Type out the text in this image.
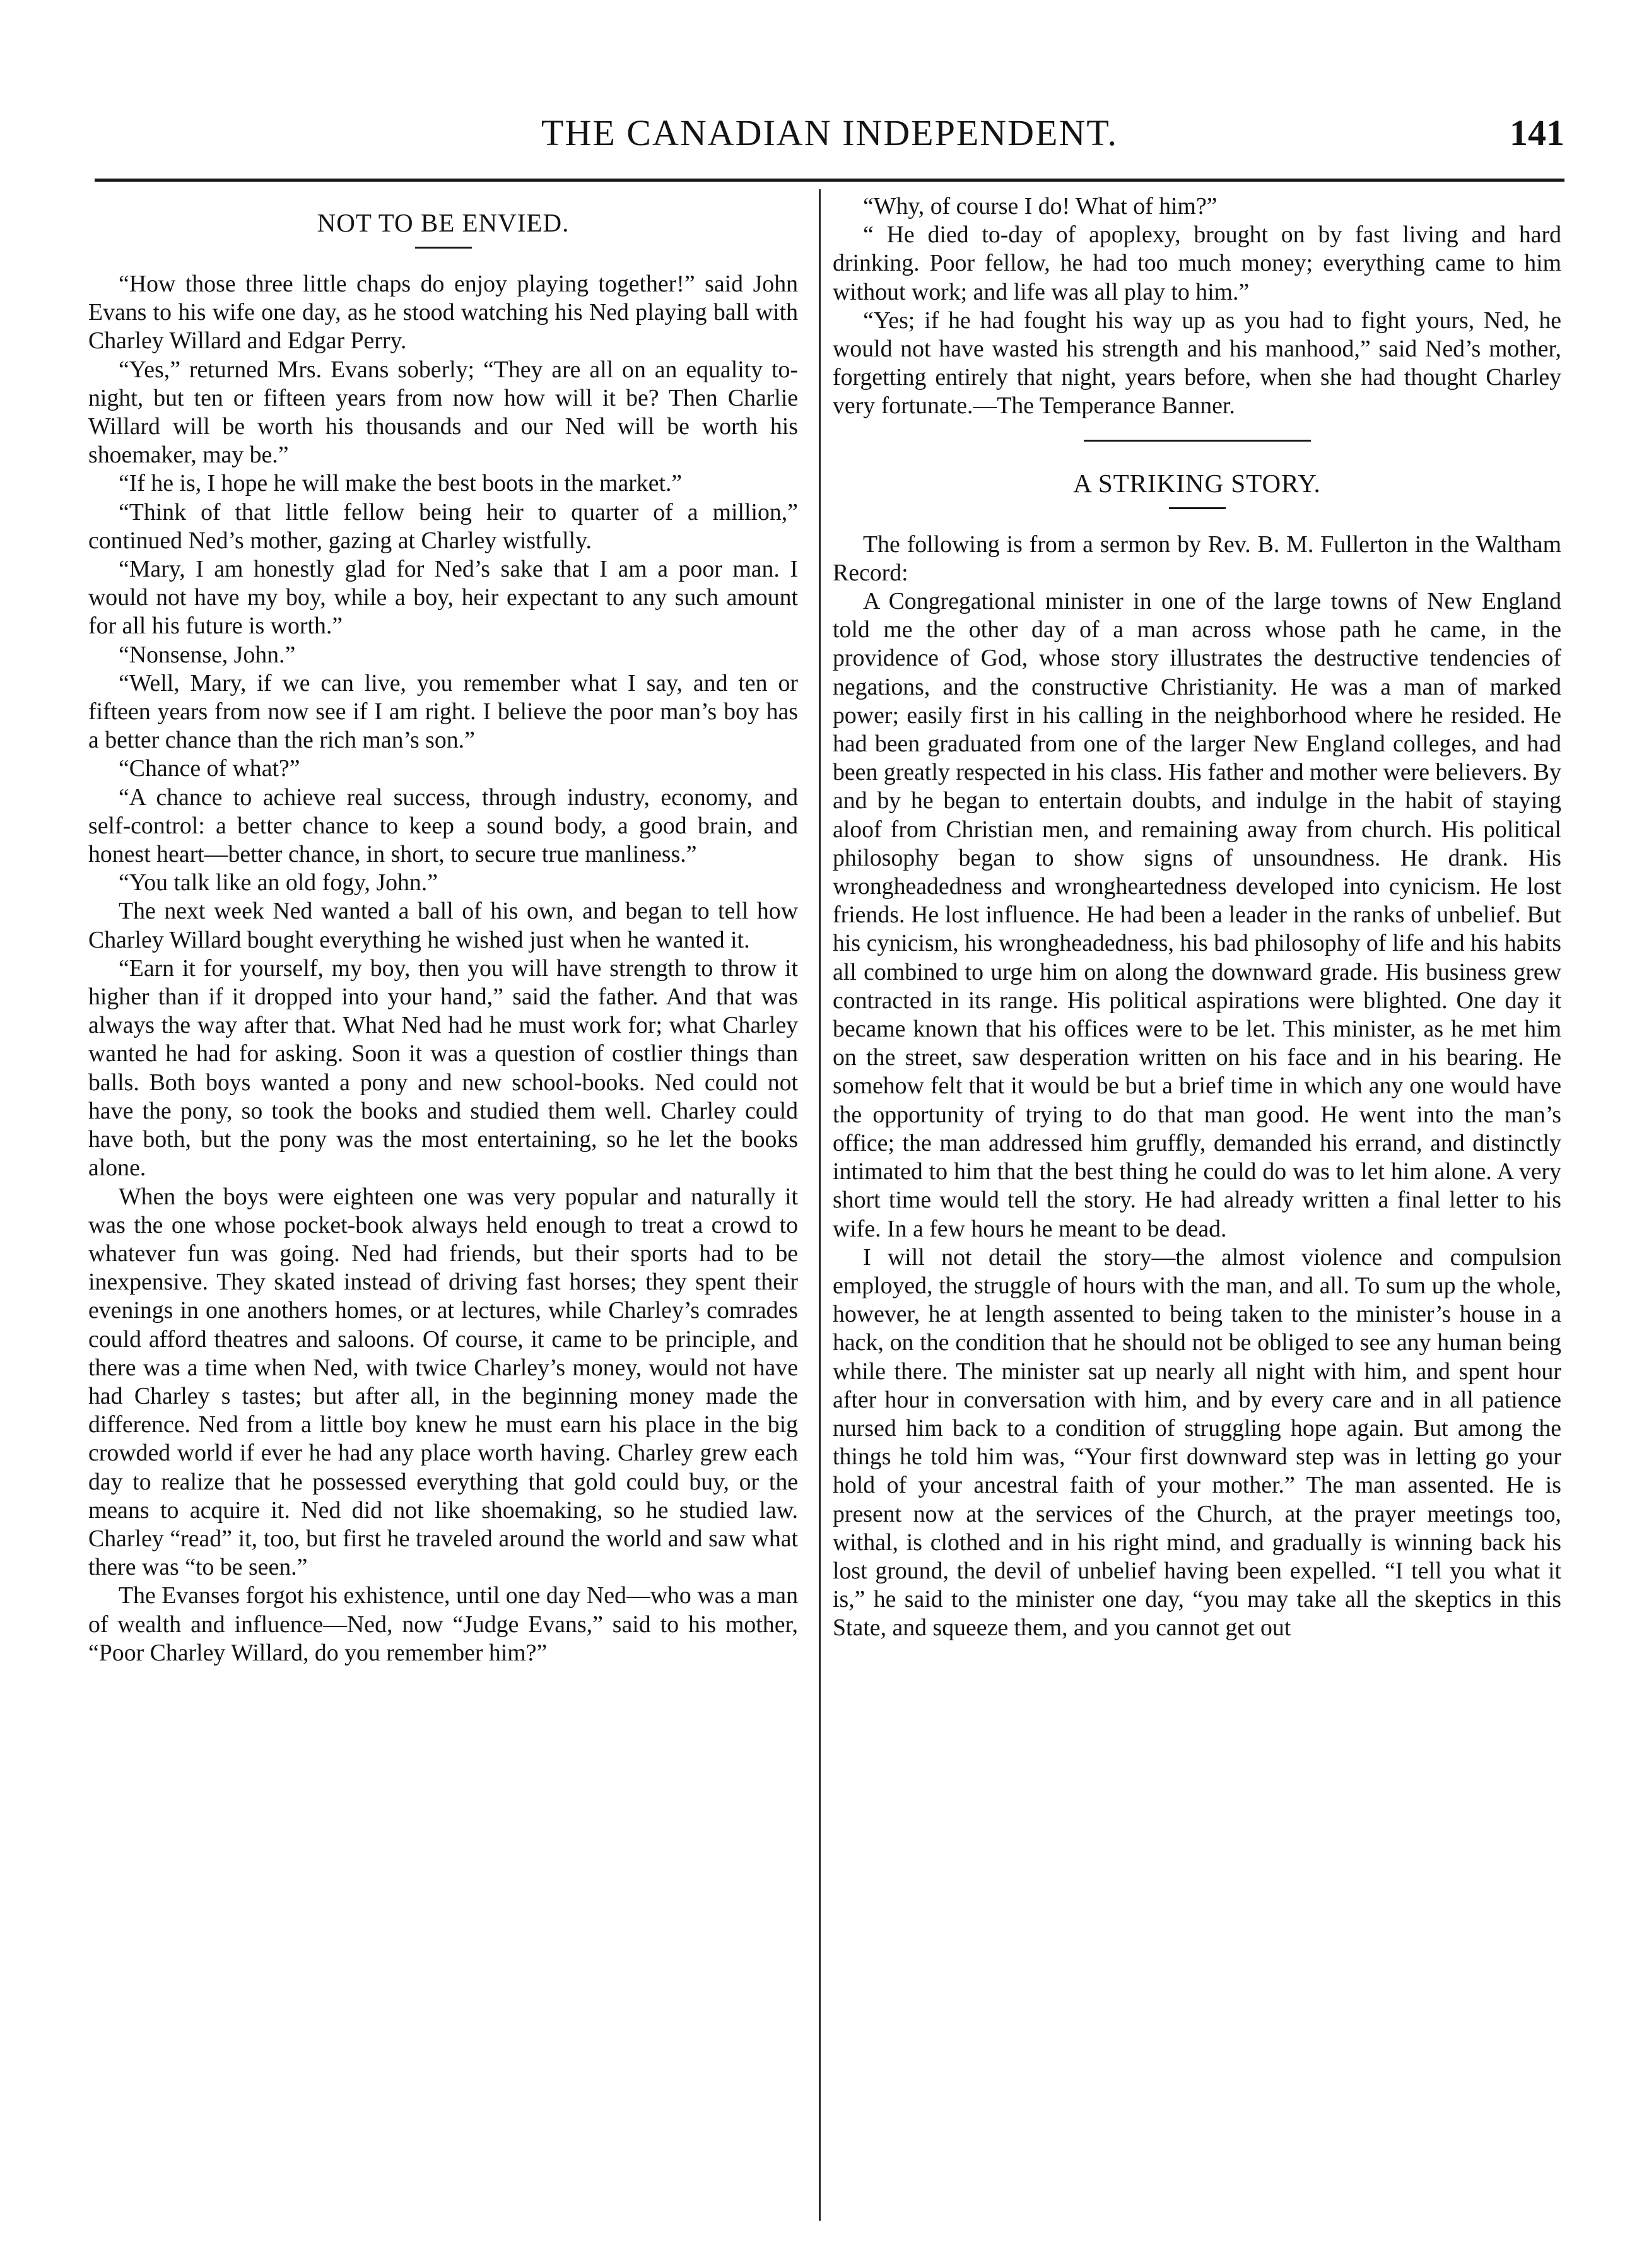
THE CANADIAN INDEPENDENT.	141
NOT TO BE ENVIED.

“How those three little chaps do enjoy playing together!” said John Evans to his wife one day, as he stood watching his Ned playing ball with Charley Willard and Edgar Perry.

“Yes,” returned Mrs. Evans soberly; “They are all on an equality to-night, but ten or fifteen years from now how will it be? Then Charlie Willard will be worth his thousands and our Ned will be worth his shoemaker, may be.”

“If he is, I hope he will make the best boots in the market.”

“Think of that little fellow being heir to quarter of a million,” continued Ned’s mother, gazing at Charley wistfully.

“Mary, I am honestly glad for Ned’s sake that I am a poor man. I would not have my boy, while a boy, heir expectant to any such amount for all his future is worth.”

“Nonsense, John.”

“Well, Mary, if we can live, you remember what I say, and ten or fifteen years from now see if I am right. I believe the poor man’s boy has a better chance than the rich man’s son.”

“Chance of what?”

“A chance to achieve real success, through industry, economy, and self-control: a better chance to keep a sound body, a good brain, and honest heart—better chance, in short, to secure true manliness.”

“You talk like an old fogy, John.”

The next week Ned wanted a ball of his own, and began to tell how Charley Willard bought everything he wished just when he wanted it.

“Earn it for yourself, my boy, then you will have strength to throw it higher than if it dropped into your hand,” said the father. And that was always the way after that. What Ned had he must work for; what Charley wanted he had for asking. Soon it was a question of costlier things than balls. Both boys wanted a pony and new school-books. Ned could not have the pony, so took the books and studied them well. Charley could have both, but the pony was the most entertaining, so he let the books alone.

When the boys were eighteen one was very popular and naturally it was the one whose pocket-book always held enough to treat a crowd to whatever fun was going. Ned had friends, but their sports had to be inexpensive. They skated instead of driving fast horses; they spent their evenings in one anothers homes, or at lectures, while Charley’s comrades could afford theatres and saloons. Of course, it came to be principle, and there was a time when Ned, with twice Charley’s money, would not have had Charley s tastes; but after all, in the beginning money made the difference. Ned from a little boy knew he must earn his place in the big crowded world if ever he had any place worth having. Charley grew each day to realize that he possessed everything that gold could buy, or the means to acquire it. Ned did not like shoemaking, so he studied law. Charley “read” it, too, but first he traveled around the world and saw what there was “to be seen.”

The Evanses forgot his exhistence, until one day Ned—who was a man of wealth and influence—Ned, now “Judge Evans,” said to his mother, “Poor Charley Willard, do you remember him?”

“Why, of course I do! What of him?”

“ He died to-day of apoplexy, brought on by fast living and hard drinking. Poor fellow, he had too much money; everything came to him without work; and life was all play to him.”

“Yes; if he had fought his way up as you had to fight yours, Ned, he would not have wasted his strength and his manhood,” said Ned’s mother, forgetting entirely that night, years before, when she had thought Charley very fortunate.—The Temperance Banner.

A STRIKING STORY.

The following is from a sermon by Rev. B. M. Fullerton in the Waltham Record:

A Congregational minister in one of the large towns of New England told me the other day of a man across whose path he came, in the providence of God, whose story illustrates the destructive tendencies of negations, and the constructive Christianity. He was a man of marked power; easily first in his calling in the neighborhood where he resided. He had been graduated from one of the larger New England colleges, and had been greatly respected in his class. His father and mother were believers. By and by he began to entertain doubts, and indulge in the habit of staying aloof from Christian men, and remaining away from church. His political philosophy began to show signs of unsoundness. He drank. His wrongheadedness and wrongheartedness developed into cynicism. He lost friends. He lost influence. He had been a leader in the ranks of unbelief. But his cynicism, his wrongheadedness, his bad philosophy of life and his habits all combined to urge him on along the downward grade. His business grew contracted in its range. His political aspirations were blighted. One day it became known that his offices were to be let. This minister, as he met him on the street, saw desperation written on his face and in his bearing. He somehow felt that it would be but a brief time in which any one would have the opportunity of trying to do that man good. He went into the man’s office; the man addressed him gruffly, demanded his errand, and distinctly intimated to him that the best thing he could do was to let him alone. A very short time would tell the story. He had already written a final letter to his wife. In a few hours he meant to be dead.

I will not detail the story—the almost violence and compulsion employed, the struggle of hours with the man, and all. To sum up the whole, however, he at length assented to being taken to the minister’s house in a hack, on the condition that he should not be obliged to see any human being while there. The minister sat up nearly all night with him, and spent hour after hour in conversation with him, and by every care and in all patience nursed him back to a condition of struggling hope again. But among the things he told him was, “Your first downward step was in letting go your hold of your ancestral faith of your mother.” The man assented. He is present now at the services of the Church, at the prayer meetings too, withal, is clothed and in his right mind, and gradually is winning back his lost ground, the devil of unbelief having been expelled. “I tell you what it is,” he said to the minister one day, “you may take all the skeptics in this State, and squeeze them, and you cannot get out
